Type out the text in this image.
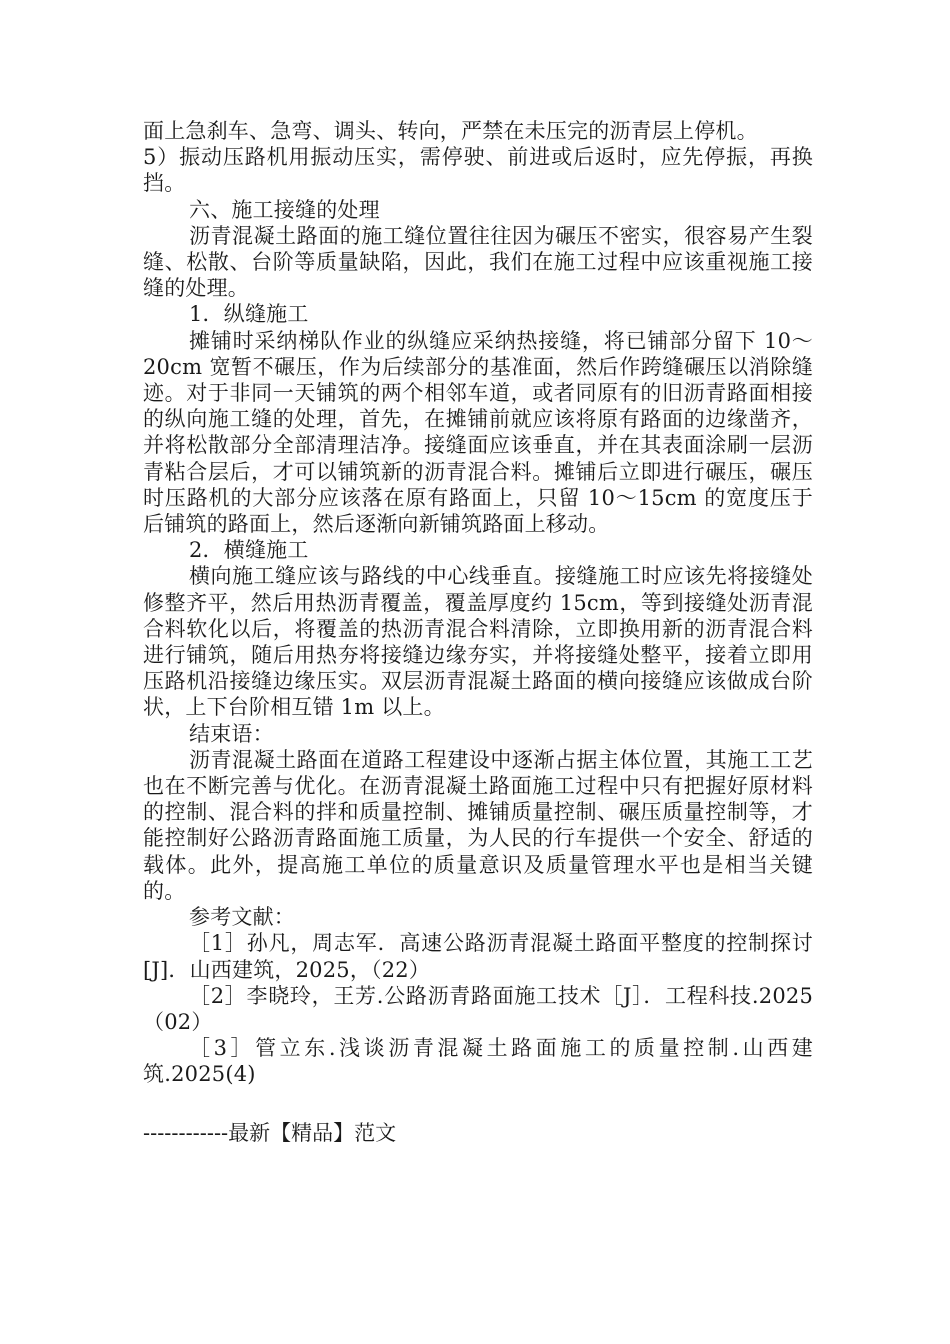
面上急刹车、急弯、调头、转向，严禁在未压完的沥青层上停机。

5）振动压路机用振动压实，需停驶、前进或后返时，应先停振，再换挡。

六、施工接缝的处理

沥青混凝土路面的施工缝位置往往因为碾压不密实，很容易产生裂缝、松散、台阶等质量缺陷，因此，我们在施工过程中应该重视施工接缝的处理。

1．纵缝施工

摊铺时采纳梯队作业的纵缝应采纳热接缝，将已铺部分留下 10～20cm 宽暂不碾压，作为后续部分的基准面，然后作跨缝碾压以消除缝迹。对于非同一天铺筑的两个相邻车道，或者同原有的旧沥青路面相接的纵向施工缝的处理，首先，在摊铺前就应该将原有路面的边缘凿齐，并将松散部分全部清理洁净。接缝面应该垂直，并在其表面涂刷一层沥青粘合层后，才可以铺筑新的沥青混合料。摊铺后立即进行碾压，碾压时压路机的大部分应该落在原有路面上，只留 10～15cm 的宽度压于后铺筑的路面上，然后逐渐向新铺筑路面上移动。

2．横缝施工

横向施工缝应该与路线的中心线垂直。接缝施工时应该先将接缝处修整齐平，然后用热沥青覆盖，覆盖厚度约 15cm，等到接缝处沥青混合料软化以后，将覆盖的热沥青混合料清除，立即换用新的沥青混合料进行铺筑，随后用热夯将接缝边缘夯实，并将接缝处整平，接着立即用压路机沿接缝边缘压实。双层沥青混凝土路面的横向接缝应该做成台阶状，上下台阶相互错 1m 以上。

结束语：

沥青混凝土路面在道路工程建设中逐渐占据主体位置，其施工工艺也在不断完善与优化。在沥青混凝土路面施工过程中只有把握好原材料的控制、混合料的拌和质量控制、摊铺质量控制、碾压质量控制等，才能控制好公路沥青路面施工质量，为人民的行车提供一个安全、舒适的载体。此外，提高施工单位的质量意识及质量管理水平也是相当关键的。

参考文献：

［1］孙凡，周志军．高速公路沥青混凝土路面平整度的控制探讨[J]．山西建筑，2025，（22）

［2］李晓玲，王芳.公路沥青路面施工技术［J］．工程科技.2025（02）

［3］管立东.浅谈沥青混凝土路面施工的质量控制.山西建筑.2025(4)

------------最新【精品】范文
